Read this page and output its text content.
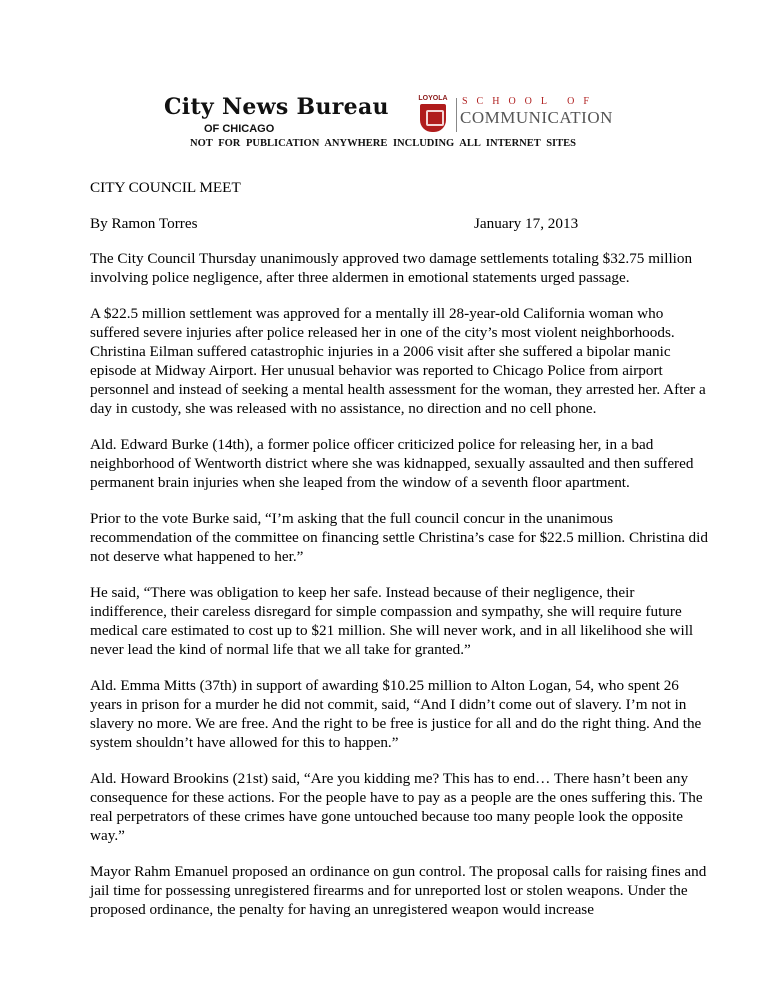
City News Bureau
OF CHICAGO
LOYOLA SCHOOL OF
COMMUNICATION
NOT FOR PUBLICATION ANYWHERE INCLUDING ALL INTERNET SITES
CITY COUNCIL MEET
By Ramon Torres	January 17, 2013

The City Council Thursday unanimously approved two damage settlements totaling $32.75 million involving police negligence, after three aldermen in emotional statements urged passage.

A $22.5 million settlement was approved for a mentally ill 28-year-old California woman who suffered severe injuries after police released her in one of the city’s most violent neighborhoods. Christina Eilman suffered catastrophic injuries in a 2006 visit after she suffered a bipolar manic episode at Midway Airport. Her unusual behavior was reported to Chicago Police from airport personnel and instead of seeking a mental health assessment for the woman, they arrested her. After a day in custody, she was released with no assistance, no direction and no cell phone.

Ald. Edward Burke (14th), a former police officer criticized police for releasing her, in a bad neighborhood of Wentworth district where she was kidnapped, sexually assaulted and then suffered permanent brain injuries when she leaped from the window of a seventh floor apartment.

Prior to the vote Burke said, “I’m asking that the full council concur in the unanimous recommendation of the committee on financing settle Christina’s case for $22.5 million. Christina did not deserve what happened to her.”

He said, “There was obligation to keep her safe. Instead because of their negligence, their indifference, their careless disregard for simple compassion and sympathy, she will require future medical care estimated to cost up to $21 million. She will never work, and in all likelihood she will never lead the kind of normal life that we all take for granted.”

Ald. Emma Mitts (37th) in support of awarding $10.25 million to Alton Logan, 54, who spent 26 years in prison for a murder he did not commit, said, “And I didn’t come out of slavery. I’m not in slavery no more. We are free. And the right to be free is justice for all and do the right thing. And the system shouldn’t have allowed for this to happen.”

Ald. Howard Brookins (21st) said, “Are you kidding me? This has to end… There hasn’t been any consequence for these actions. For the people have to pay as a people are the ones suffering this. The real perpetrators of these crimes have gone untouched because too many people look the opposite way.”

Mayor Rahm Emanuel proposed an ordinance on gun control. The proposal calls for raising fines and jail time for possessing unregistered firearms and for unreported lost or stolen weapons. Under the proposed ordinance, the penalty for having an unregistered weapon would increase
